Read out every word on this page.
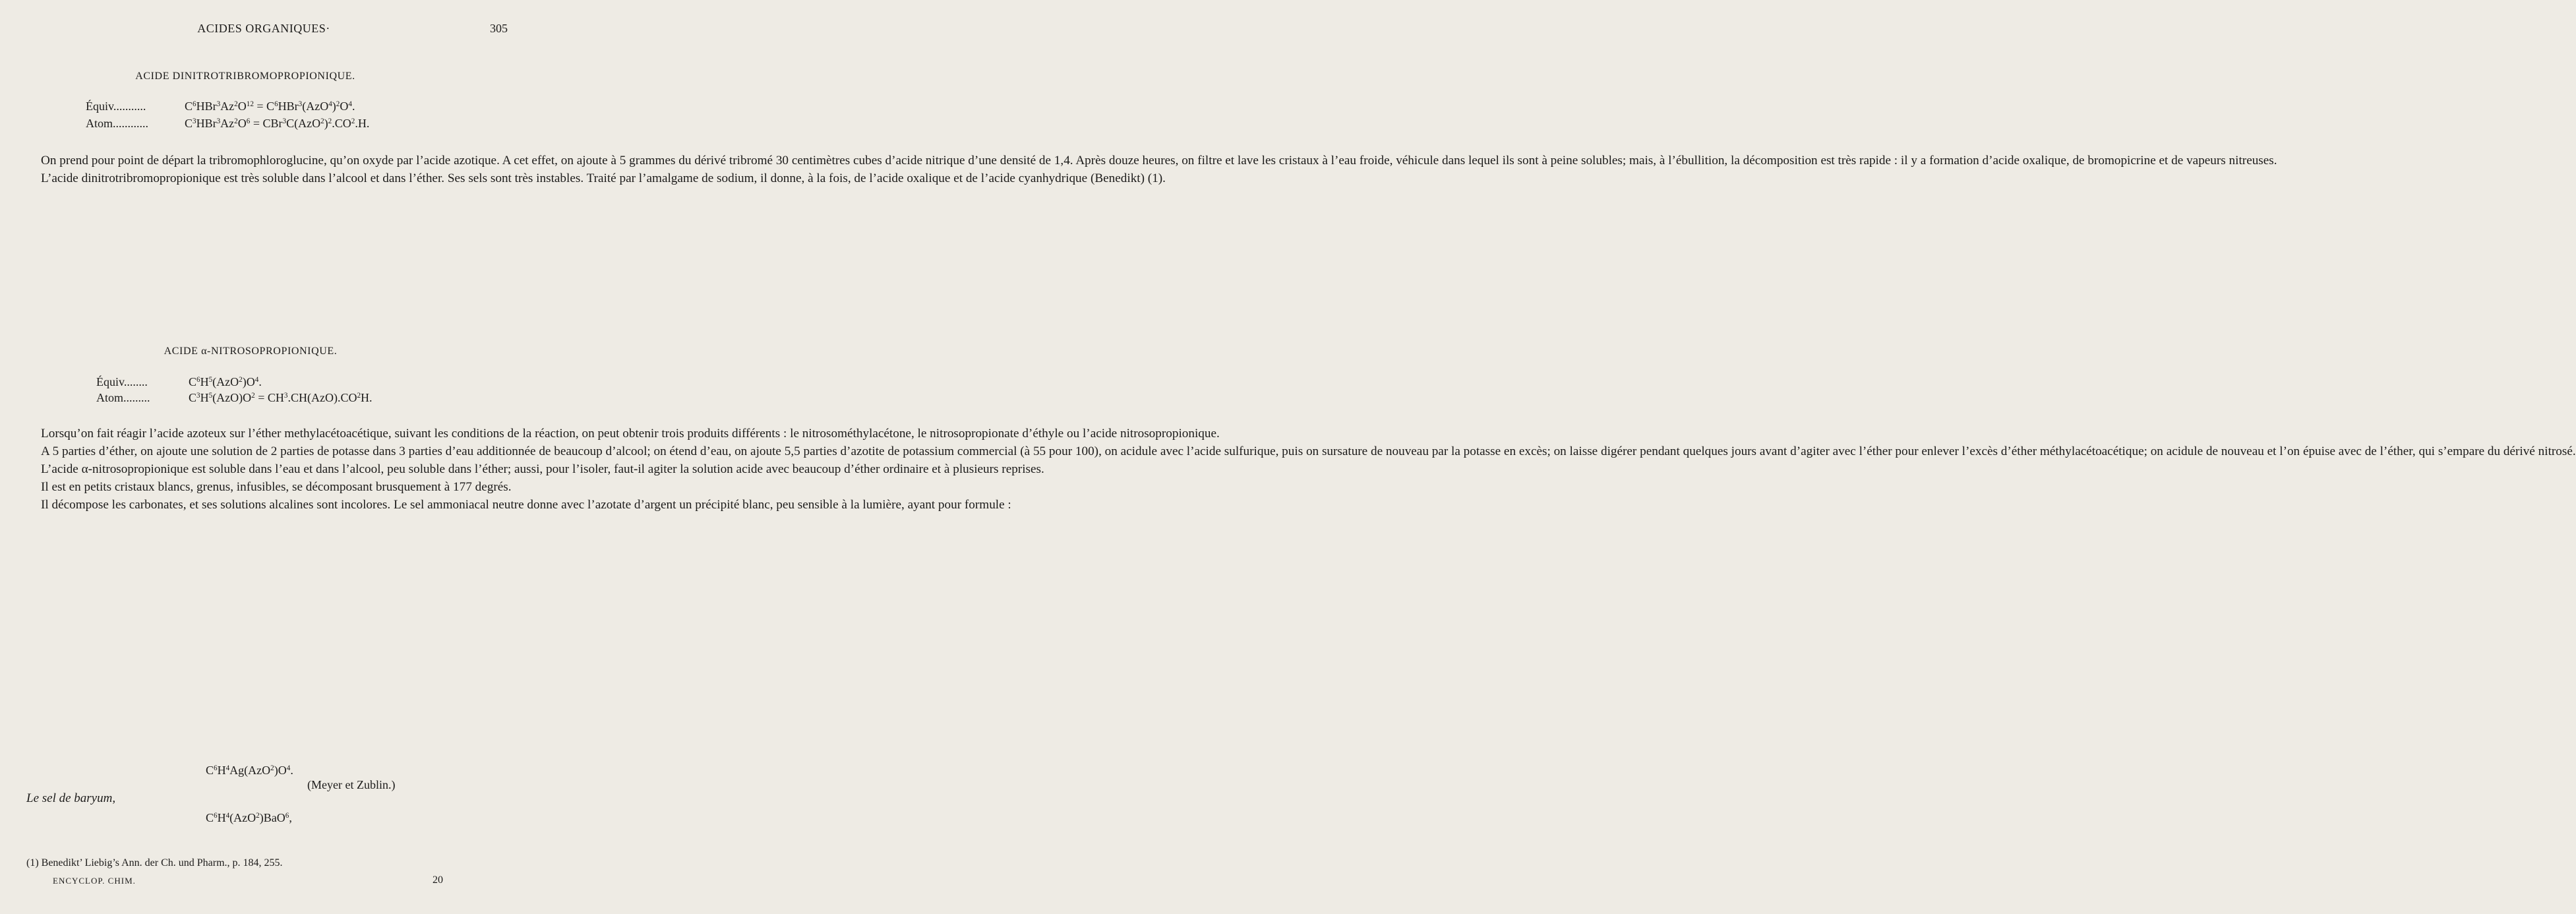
ACIDES ORGANIQUES·	305
ACIDE DINITROTRIBROMOPROPIONIQUE.
Équiv...........	$C^6HBr^3Az^2O^{12} = C^6HBr^3(AzO^4)^2O^4$.
Atom............	$C^3HBr^3Az^2O^6 = CBr^3C(AzO^2)^2.CO^2.H$.

On prend pour point de départ la tribromophloroglucine, qu’on oxyde par l’acide azotique. A cet effet, on ajoute à 5 grammes du dérivé tribromé 30 centimètres cubes d’acide nitrique d’une densité de 1,4. Après douze heures, on filtre et lave les cristaux à l’eau froide, véhicule dans lequel ils sont à peine solubles; mais, à l’ébullition, la décomposition est très rapide : il y a formation d’acide oxalique, de bromopicrine et de vapeurs nitreuses.

L’acide dinitrotribromopropionique est très soluble dans l’alcool et dans l’éther. Ses sels sont très instables. Traité par l’amalgame de sodium, il donne, à la fois, de l’acide oxalique et de l’acide cyanhydrique (Benedikt) (1).

ACIDE α-NITROSOPROPIONIQUE.
Équiv........	$C^6H^5(AzO^2)O^4$.
Atom.........	$C^3H^5(AzO)O^2 = CH^3.CH(AzO).CO^2H$.

Lorsqu’on fait réagir l’acide azoteux sur l’éther methylacétoacétique, suivant les conditions de la réaction, on peut obtenir trois produits différents : le nitrosométhylacétone, le nitrosopropionate d’éthyle ou l’acide nitrosopropionique.

A 5 parties d’éther, on ajoute une solution de 2 parties de potasse dans 3 parties d’eau additionnée de beaucoup d’alcool; on étend d’eau, on ajoute 5,5 parties d’azotite de potassium commercial (à 55 pour 100), on acidule avec l’acide sulfurique, puis on sursature de nouveau par la potasse en excès; on laisse digérer pendant quelques jours avant d’agiter avec l’éther pour enlever l’excès d’éther méthylacétoacétique; on acidule de nouveau et l’on épuise avec de l’éther, qui s’empare du dérivé nitrosé.

L’acide α-nitrosopropionique est soluble dans l’eau et dans l’alcool, peu soluble dans l’éther; aussi, pour l’isoler, faut-il agiter la solution acide avec beaucoup d’éther ordinaire et à plusieurs reprises.

Il est en petits cristaux blancs, grenus, infusibles, se décomposant brusquement à 177 degrés.

Il décompose les carbonates, et ses solutions alcalines sont incolores. Le sel ammoniacal neutre donne avec l’azotate d’argent un précipité blanc, peu sensible à la lumière, ayant pour formule :

$C^6H^4Ag(AzO^2)O^4$.
(Meyer et Zublin.)
Le sel de baryum,
$C^6H^4(AzO^2)BaO^6$,
(1) Benedikt’ Liebig’s Ann. der Ch. und Pharm., p. 184, 255.
ENCYCLOP. CHIM.	20
